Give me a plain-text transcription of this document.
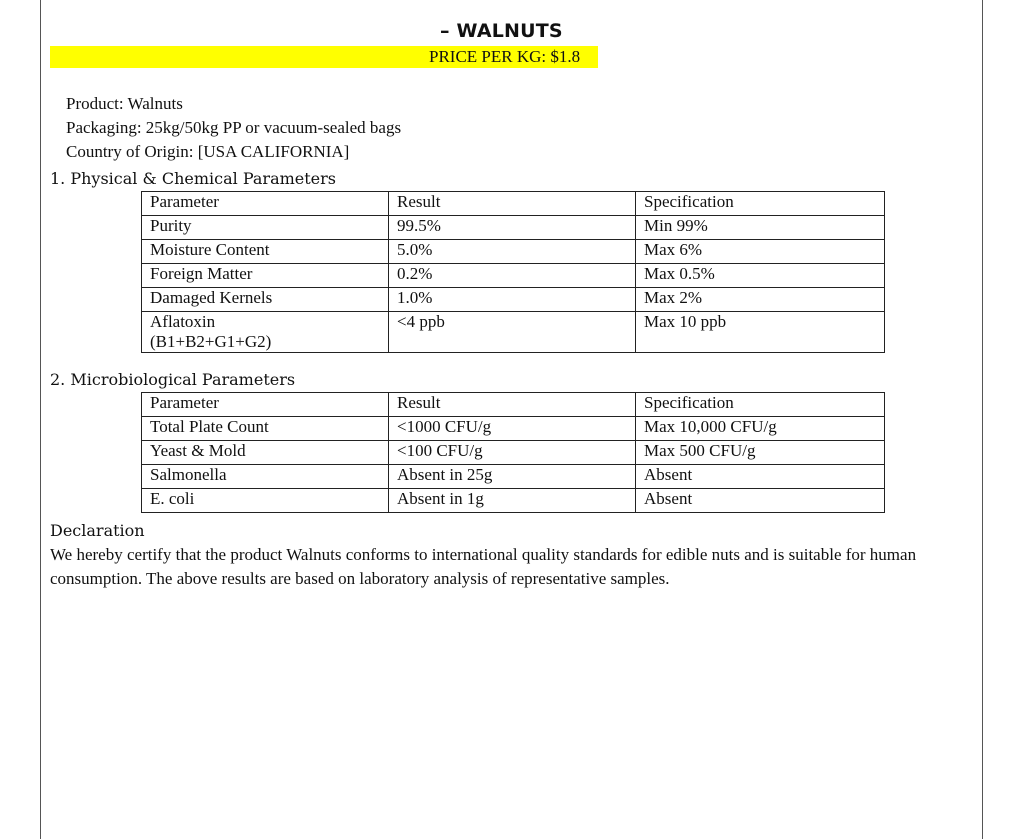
– WALNUTS
PRICE PER KG: $1.8
Product: Walnuts
Packaging: 25kg/50kg PP or vacuum-sealed bags
Country of Origin: [USA CALIFORNIA]
1. Physical & Chemical Parameters
Parameter	Result	Specification
Purity	99.5%	Min 99%
Moisture Content	5.0%	Max 6%
Foreign Matter	0.2%	Max 0.5%
Damaged Kernels	1.0%	Max 2%

Aflatoxin
(B1+B2+G1+G2)	<4 ppb	Max 10 ppb
2. Microbiological Parameters
Parameter	Result	Specification
Total Plate Count	<1000 CFU/g	Max 10,000 CFU/g
Yeast & Mold	<100 CFU/g	Max 500 CFU/g
Salmonella	Absent in 25g	Absent
E. coli	Absent in 1g	Absent
Declaration
We hereby certify that the product Walnuts conforms to international quality standards for edible nuts and is suitable for human consumption. The above results are based on laboratory analysis of representative samples.
